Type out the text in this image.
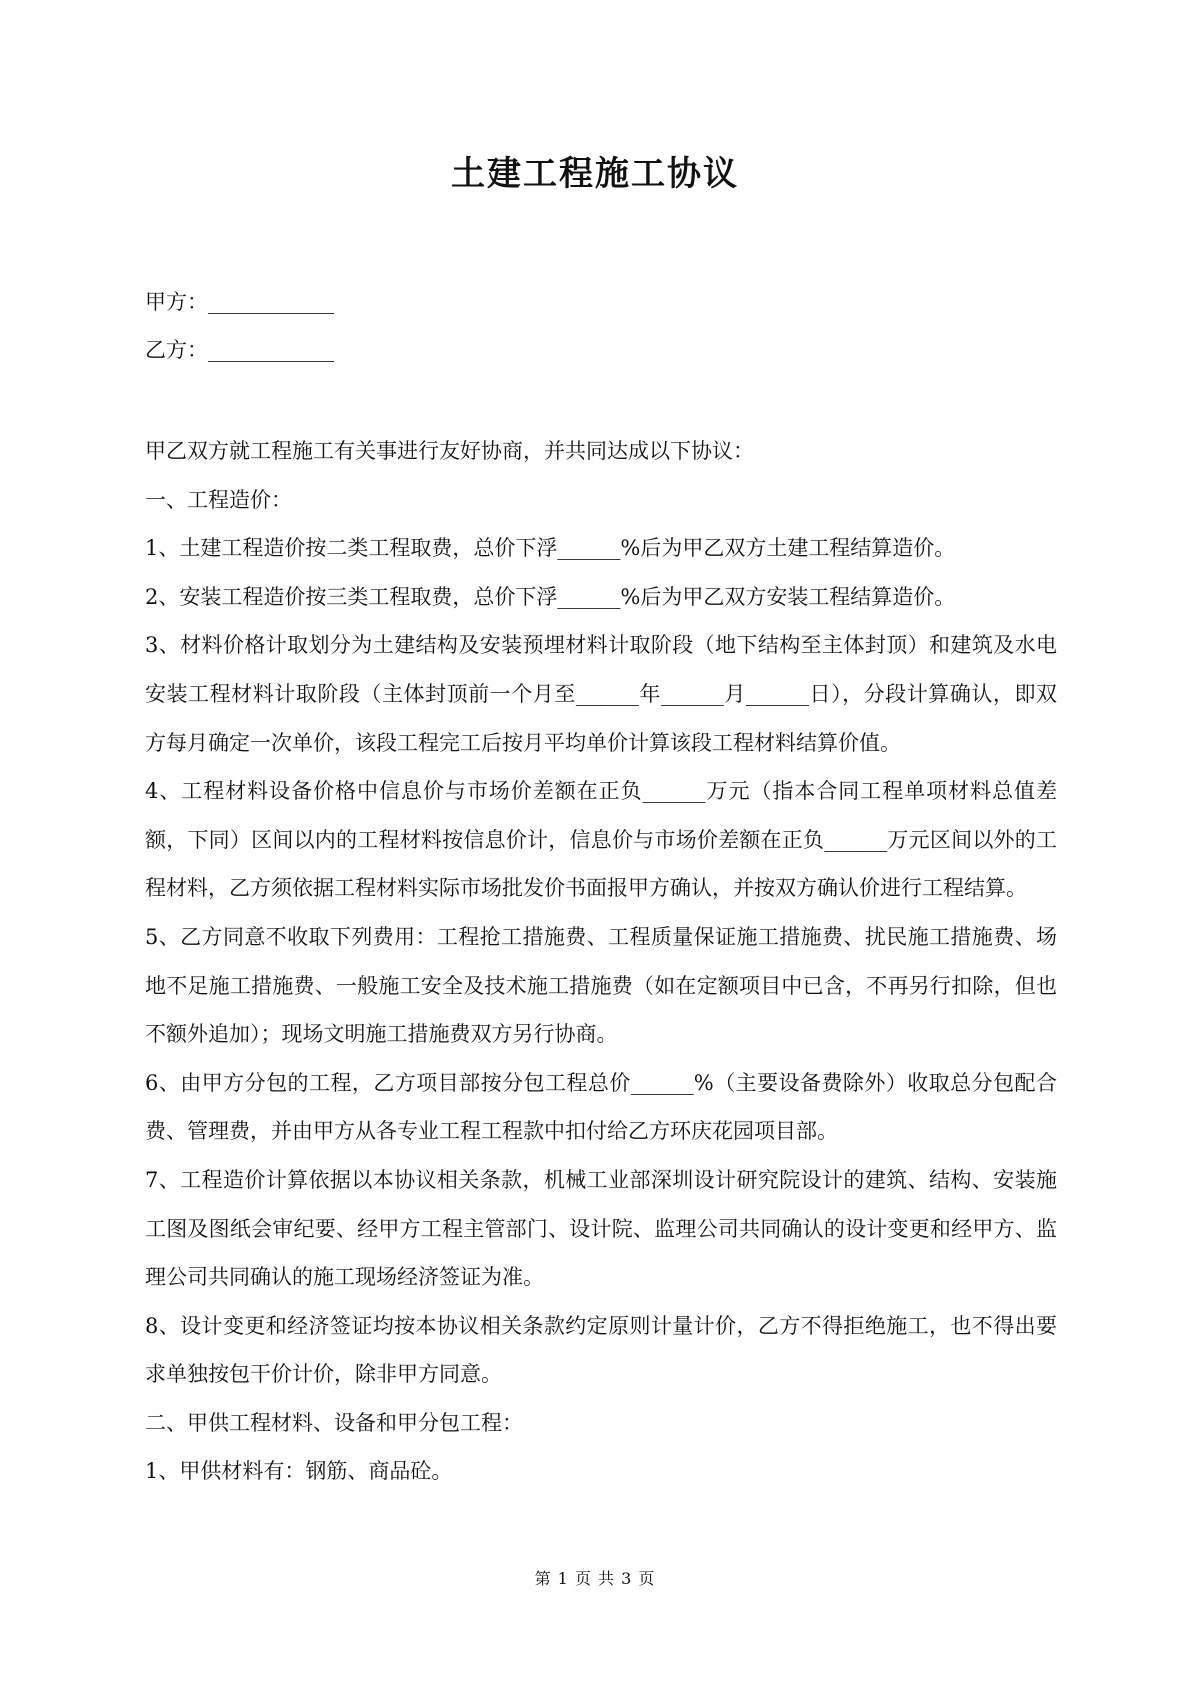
土建工程施工协议
甲方：____________
乙方：____________

甲乙双方就工程施工有关事进行友好协商，并共同达成以下协议：

一、工程造价：

1、土建工程造价按二类工程取费，总价下浮______%后为甲乙双方土建工程结算造价。

2、安装工程造价按三类工程取费，总价下浮______%后为甲乙双方安装工程结算造价。

3、材料价格计取划分为土建结构及安装预埋材料计取阶段（地下结构至主体封顶）和建筑及水电安装工程材料计取阶段（主体封顶前一个月至______年______月______日），分段计算确认，即双方每月确定一次单价，该段工程完工后按月平均单价计算该段工程材料结算价值。

4、工程材料设备价格中信息价与市场价差额在正负______万元（指本合同工程单项材料总值差额，下同）区间以内的工程材料按信息价计，信息价与市场价差额在正负______万元区间以外的工程材料，乙方须依据工程材料实际市场批发价书面报甲方确认，并按双方确认价进行工程结算。

5、乙方同意不收取下列费用：工程抢工措施费、工程质量保证施工措施费、扰民施工措施费、场地不足施工措施费、一般施工安全及技术施工措施费（如在定额项目中已含，不再另行扣除，但也不额外追加）；现场文明施工措施费双方另行协商。

6、由甲方分包的工程，乙方项目部按分包工程总价______%（主要设备费除外）收取总分包配合费、管理费，并由甲方从各专业工程工程款中扣付给乙方环庆花园项目部。

7、工程造价计算依据以本协议相关条款，机械工业部深圳设计研究院设计的建筑、结构、安装施工图及图纸会审纪要、经甲方工程主管部门、设计院、监理公司共同确认的设计变更和经甲方、监理公司共同确认的施工现场经济签证为准。

8、设计变更和经济签证均按本协议相关条款约定原则计量计价，乙方不得拒绝施工，也不得出要求单独按包干价计价，除非甲方同意。

二、甲供工程材料、设备和甲分包工程：

1、甲供材料有：钢筋、商品砼。

第 1 页 共 3 页
